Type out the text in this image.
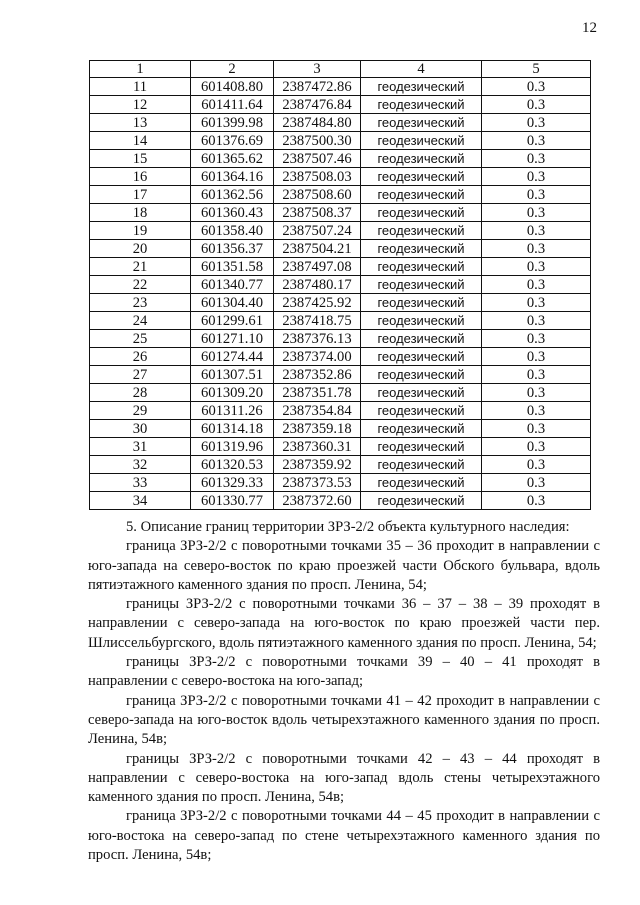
12
1	2	3	4	5
11	601408.80	2387472.86	геодезический	0.3
12	601411.64	2387476.84	геодезический	0.3
13	601399.98	2387484.80	геодезический	0.3
14	601376.69	2387500.30	геодезический	0.3
15	601365.62	2387507.46	геодезический	0.3
16	601364.16	2387508.03	геодезический	0.3
17	601362.56	2387508.60	геодезический	0.3
18	601360.43	2387508.37	геодезический	0.3
19	601358.40	2387507.24	геодезический	0.3
20	601356.37	2387504.21	геодезический	0.3
21	601351.58	2387497.08	геодезический	0.3
22	601340.77	2387480.17	геодезический	0.3
23	601304.40	2387425.92	геодезический	0.3
24	601299.61	2387418.75	геодезический	0.3
25	601271.10	2387376.13	геодезический	0.3
26	601274.44	2387374.00	геодезический	0.3
27	601307.51	2387352.86	геодезический	0.3
28	601309.20	2387351.78	геодезический	0.3
29	601311.26	2387354.84	геодезический	0.3
30	601314.18	2387359.18	геодезический	0.3
31	601319.96	2387360.31	геодезический	0.3
32	601320.53	2387359.92	геодезический	0.3
33	601329.33	2387373.53	геодезический	0.3
34	601330.77	2387372.60	геодезический	0.3

5. Описание границ территории ЗРЗ-2/2 объекта культурного наследия:

граница ЗРЗ-2/2 с поворотными точками 35 – 36 проходит в направлении с юго-запада на северо-восток по краю проезжей части Обского бульвара, вдоль пятиэтажного каменного здания по просп. Ленина, 54;

границы ЗРЗ-2/2 с поворотными точками 36 – 37 – 38 – 39 проходят в направлении с северо-запада на юго-восток по краю проезжей части пер. Шлиссельбургского, вдоль пятиэтажного каменного здания по просп. Ленина, 54;

границы ЗРЗ-2/2 с поворотными точками 39 – 40 – 41 проходят в направлении с северо-востока на юго-запад;

граница ЗРЗ-2/2 с поворотными точками 41 – 42 проходит в направлении с северо-запада на юго-восток вдоль четырехэтажного каменного здания по просп. Ленина, 54в;

границы ЗРЗ-2/2 с поворотными точками 42 – 43 – 44 проходят в направлении с северо-востока на юго-запад вдоль стены четырехэтажного каменного здания по просп. Ленина, 54в;

граница ЗРЗ-2/2 с поворотными точками 44 – 45 проходит в направлении с юго-востока на северо-запад по стене четырехэтажного каменного здания по просп. Ленина, 54в;
